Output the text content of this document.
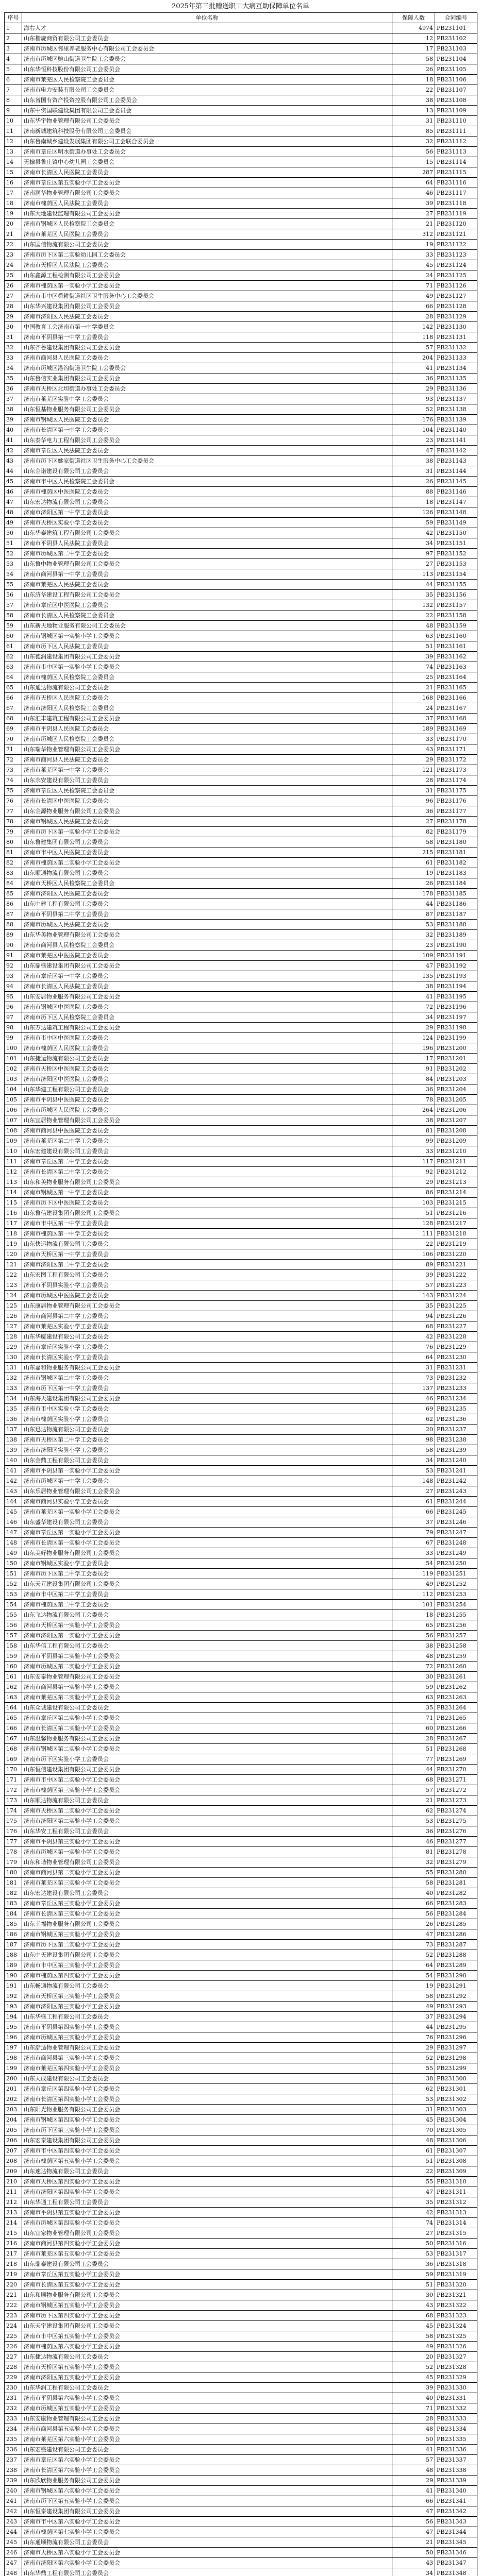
2025年第三批赠送职工大病互助保障单位名单
序号	单位名称	保障人数	合同编号
1	海右人才	4974	PB231101
2	山东楷旋商贸有限公司工会委员会	12	PB231102
3	济南市历城区邻里养老服务中心有限公司工会委员会	17	PB231103
4	济南市历城区鲍山街道卫生院工会委员会	58	PB231104
5	山东华恒科技股份有限公司工会委员会	26	PB231105
6	济南市莱芜区人民检察院工会委员会	18	PB231106
7	济南市电力安装有限公司工会委员会	22	PB231107
8	山东省国有资产投资控股有限公司工会委员会	38	PB231108
9	山东中资国联建设集团有限公司工会委员会	13	PB231109
10	山东华宇物业管理有限公司工会委员会	31	PB231110
11	济南新城建筑科技股份有限公司工会委员会	85	PB231111
12	山东鲁南城乡建设发展集团有限公司工会联合委员会	32	PB231112
13	济南市章丘区明水街道办事处工会委员会	56	PB231113
14	无棣县鲁庄镇中心幼儿园工会委员会	15	PB231114
15	济南市长清区人民医院工会委员会	287	PB231115
16	济南市章丘区第五实验小学工会委员会	64	PB231116
17	济南润华物业管理有限公司工会委员会	46	PB231117
18	济南市槐荫区人民法院工会委员会	39	PB231118
19	山东大地建设监理有限公司工会委员会	27	PB231119
20	济南市钢城区人民检察院工会委员会	21	PB231120
21	济南市莱芜区人民医院工会委员会	312	PB231121
22	山东国信物流有限公司工会委员会	19	PB231122
23	济南市历下区第二实验幼儿园工会委员会	33	PB231123
24	济南市天桥区人民法院工会委员会	45	PB231124
25	山东鑫源工程检测有限公司工会委员会	24	PB231125
26	济南市槐荫区第一实验小学工会委员会	71	PB231126
27	济南市市中区舜耕街道社区卫生服务中心工会委员会	49	PB231127
28	山东华兴建设集团有限公司工会委员会	66	PB231128
29	济南市济阳区人民法院工会委员会	28	PB231129
30	中国教育工会济南市第一中学委员会	142	PB231130
31	济南市平阴县第一中学工会委员会	118	PB231131
32	山东齐鲁建设集团有限公司工会委员会	57	PB231132
33	济南市商河县人民医院工会委员会	204	PB231133
34	济南市历城区港沟街道卫生院工会委员会	41	PB231134
35	山东鲁信实业集团有限公司工会委员会	36	PB231135
36	济南市天桥区北坦街道办事处工会委员会	29	PB231136
37	济南市莱芜区实验中学工会委员会	93	PB231137
38	山东恒基物业服务有限公司工会委员会	52	PB231138
39	济南市钢城区人民医院工会委员会	176	PB231139
40	济南市长清区第一中学工会委员会	104	PB231140
41	山东泰华电力工程有限公司工会委员会	23	PB231141
42	济南市章丘区人民法院工会委员会	47	PB231142
43	济南市历下区姚家街道社区卫生服务中心工会委员会	38	PB231143
44	山东金诺建设有限公司工会委员会	31	PB231144
45	济南市市中区人民检察院工会委员会	26	PB231145
46	济南市槐荫区中医医院工会委员会	88	PB231146
47	山东宏达物流有限公司工会委员会	18	PB231147
48	济南市济阳区第一中学工会委员会	126	PB231148
49	济南市天桥区实验小学工会委员会	59	PB231149
50	山东华泰建筑工程有限公司工会委员会	42	PB231150
51	济南市平阴县人民法院工会委员会	34	PB231151
52	济南市历城区第二中学工会委员会	97	PB231152
53	山东鲁中物业管理有限公司工会委员会	27	PB231153
54	济南市商河县第一中学工会委员会	113	PB231154
55	济南市莱芜区人民法院工会委员会	44	PB231155
56	山东济华建设工程有限公司工会委员会	35	PB231156
57	济南市章丘区中医医院工会委员会	132	PB231157
58	济南市长清区人民检察院工会委员会	22	PB231158
59	山东新天地物业服务有限公司工会委员会	48	PB231159
60	济南市钢城区第一实验小学工会委员会	63	PB231160
61	济南市历下区人民法院工会委员会	51	PB231161
62	山东德润建设集团有限公司工会委员会	39	PB231162
63	济南市市中区第一实验小学工会委员会	74	PB231163
64	济南市槐荫区人民检察院工会委员会	25	PB231164
65	山东通达物流有限公司工会委员会	21	PB231165
66	济南市天桥区人民医院工会委员会	168	PB231166
67	济南市济阳区人民检察院工会委员会	24	PB231167
68	山东汇丰建筑工程有限公司工会委员会	37	PB231168
69	济南市平阴县人民医院工会委员会	189	PB231169
70	济南市历城区人民检察院工会委员会	33	PB231170
71	山东瑞华物业管理有限公司工会委员会	43	PB231171
72	济南市商河县人民法院工会委员会	29	PB231172
73	济南市莱芜区第一中学工会委员会	121	PB231173
74	山东永安建设有限公司工会委员会	28	PB231174
75	济南市章丘区人民检察院工会委员会	31	PB231175
76	济南市长清区中医医院工会委员会	96	PB231176
77	山东金源物业服务有限公司工会委员会	36	PB231177
78	济南市钢城区人民法院工会委员会	27	PB231178
79	济南市历下区第一实验小学工会委员会	82	PB231179
80	山东鲁建集团有限公司工会委员会	58	PB231180
81	济南市市中区人民医院工会委员会	215	PB231181
82	济南市槐荫区第二实验小学工会委员会	61	PB231182
83	山东顺通物流有限公司工会委员会	19	PB231183
84	济南市天桥区人民检察院工会委员会	26	PB231184
85	济南市济阳区人民医院工会委员会	178	PB231185
86	山东中建工程有限公司工会委员会	44	PB231186
87	济南市平阴县第二中学工会委员会	87	PB231187
88	济南市历城区人民法院工会委员会	53	PB231188
89	山东华美物业管理有限公司工会委员会	32	PB231189
90	济南市商河县人民检察院工会委员会	23	PB231190
91	济南市莱芜区中医医院工会委员会	109	PB231191
92	山东鼎盛建设集团有限公司工会委员会	47	PB231192
93	济南市章丘区第一中学工会委员会	135	PB231193
94	济南市长清区人民法院工会委员会	38	PB231194
95	山东安居物业服务有限公司工会委员会	41	PB231195
96	济南市钢城区中医医院工会委员会	72	PB231196
97	济南市历下区人民检察院工会委员会	34	PB231197
98	山东万达建筑工程有限公司工会委员会	29	PB231198
99	济南市市中区中医医院工会委员会	124	PB231199
100	济南市槐荫区人民医院工会委员会	196	PB231200
101	山东捷运物流有限公司工会委员会	17	PB231201
102	济南市天桥区中医医院工会委员会	91	PB231202
103	济南市济阳区中医医院工会委员会	84	PB231203
104	山东华建工程有限公司工会委员会	36	PB231204
105	济南市平阴县中医医院工会委员会	78	PB231205
106	济南市历城区人民医院工会委员会	264	PB231206
107	山东宜居物业管理有限公司工会委员会	38	PB231207
108	济南市商河县中医医院工会委员会	81	PB231208
109	济南市莱芜区第二中学工会委员会	99	PB231209
110	山东宏建建设有限公司工会委员会	33	PB231210
111	济南市章丘区第二中学工会委员会	117	PB231211
112	济南市长清区第二中学工会委员会	92	PB231212
113	山东和美物业服务有限公司工会委员会	29	PB231213
114	济南市钢城区第一中学工会委员会	86	PB231214
115	济南市历下区中医医院工会委员会	103	PB231215
116	山东鲁信建设集团有限公司工会委员会	51	PB231216
117	济南市市中区第一中学工会委员会	128	PB231217
118	济南市槐荫区第一中学工会委员会	111	PB231218
119	山东快运物流有限公司工会委员会	22	PB231219
120	济南市天桥区第一中学工会委员会	106	PB231220
121	济南市济阳区第二中学工会委员会	89	PB231221
122	山东宏图工程有限公司工会委员会	39	PB231222
123	济南市平阴县实验小学工会委员会	57	PB231223
124	济南市历城区中医医院工会委员会	143	PB231224
125	山东康居物业管理有限公司工会委员会	35	PB231225
126	济南市商河县第二中学工会委员会	94	PB231226
127	济南市莱芜区实验小学工会委员会	68	PB231227
128	山东华厦建设有限公司工会委员会	42	PB231228
129	济南市章丘区实验小学工会委员会	76	PB231229
130	济南市长清区实验小学工会委员会	64	PB231230
131	山东嘉和物业服务有限公司工会委员会	31	PB231231
132	济南市钢城区第二中学工会委员会	73	PB231232
133	济南市历下区第一中学工会委员会	137	PB231233
134	山东海天建设集团有限公司工会委员会	46	PB231234
135	济南市市中区实验小学工会委员会	69	PB231235
136	济南市槐荫区实验小学工会委员会	62	PB231236
137	山东迅达物流有限公司工会委员会	20	PB231237
138	济南市天桥区第二中学工会委员会	98	PB231238
139	济南市济阳区实验小学工会委员会	58	PB231239
140	山东金鼎工程有限公司工会委员会	34	PB231240
141	济南市平阴县第一实验小学工会委员会	53	PB231241
142	济南市历城区第一中学工会委员会	148	PB231242
143	山东乐居物业管理有限公司工会委员会	27	PB231243
144	济南市商河县实验小学工会委员会	61	PB231244
145	济南市莱芜区第一实验小学工会委员会	66	PB231245
146	山东盛华建设有限公司工会委员会	37	PB231246
147	济南市章丘区第一实验小学工会委员会	79	PB231247
148	济南市长清区第一实验小学工会委员会	67	PB231248
149	山东美好物业服务有限公司工会委员会	33	PB231249
150	济南市钢城区实验小学工会委员会	54	PB231250
151	济南市历下区第二中学工会委员会	119	PB231251
152	山东天元建设集团有限公司工会委员会	49	PB231252
153	济南市市中区第二中学工会委员会	112	PB231253
154	济南市槐荫区第二中学工会委员会	101	PB231254
155	山东飞达物流有限公司工会委员会	18	PB231255
156	济南市天桥区第一实验小学工会委员会	65	PB231256
157	济南市济阳区第一实验小学工会委员会	56	PB231257
158	山东华信工程有限公司工会委员会	38	PB231258
159	济南市平阴县第二实验小学工会委员会	48	PB231259
160	济南市历城区第二实验小学工会委员会	72	PB231260
161	山东安泰物业管理有限公司工会委员会	30	PB231261
162	济南市商河县第一实验小学工会委员会	59	PB231262
163	济南市莱芜区第二实验小学工会委员会	63	PB231263
164	山东众诚建设有限公司工会委员会	35	PB231264
165	济南市章丘区第二实验小学工会委员会	71	PB231265
166	济南市长清区第二实验小学工会委员会	60	PB231266
167	山东温馨物业服务有限公司工会委员会	28	PB231267
168	济南市钢城区第二实验小学工会委员会	51	PB231268
169	济南市历下区实验小学工会委员会	77	PB231269
170	山东恒信建设集团有限公司工会委员会	44	PB231270
171	济南市市中区第二实验小学工会委员会	68	PB231271
172	济南市槐荫区第三实验小学工会委员会	57	PB231272
173	山东顺达物流有限公司工会委员会	21	PB231273
174	济南市天桥区第二实验小学工会委员会	62	PB231274
175	济南市济阳区第二实验小学工会委员会	53	PB231275
176	山东华安工程有限公司工会委员会	36	PB231276
177	济南市平阴县第三实验小学工会委员会	46	PB231277
178	济南市历城区第一实验小学工会委员会	81	PB231278
179	山东和谐物业管理有限公司工会委员会	32	PB231279
180	济南市商河县第二实验小学工会委员会	55	PB231280
181	济南市莱芜区第三实验小学工会委员会	58	PB231281
182	山东宏达建设有限公司工会委员会	40	PB231282
183	济南市章丘区第三实验小学工会委员会	66	PB231283
184	济南市长清区第三实验小学工会委员会	56	PB231284
185	山东幸福物业服务有限公司工会委员会	26	PB231285
186	济南市钢城区第三实验小学工会委员会	47	PB231286
187	济南市历下区第二实验小学工会委员会	73	PB231287
188	山东中天建设集团有限公司工会委员会	52	PB231288
189	济南市市中区第三实验小学工会委员会	64	PB231289
190	济南市槐荫区第四实验小学工会委员会	54	PB231290
191	山东畅通物流有限公司工会委员会	19	PB231291
192	济南市天桥区第三实验小学工会委员会	58	PB231292
193	济南市济阳区第三实验小学工会委员会	49	PB231293
194	山东华盛工程有限公司工会委员会	37	PB231294
195	济南市平阴县第四实验小学工会委员会	44	PB231295
196	济南市历城区第三实验小学工会委员会	76	PB231296
197	山东舒适物业管理有限公司工会委员会	29	PB231297
198	济南市商河县第三实验小学工会委员会	52	PB231298
199	济南市莱芜区第四实验小学工会委员会	55	PB231299
200	山东天成建设有限公司工会委员会	38	PB231300
201	济南市章丘区第四实验小学工会委员会	62	PB231301
202	济南市长清区第四实验小学工会委员会	53	PB231302
203	山东阳光物业服务有限公司工会委员会	31	PB231303
204	济南市钢城区第四实验小学工会委员会	45	PB231304
205	济南市历下区第三实验小学工会委员会	70	PB231305
206	山东宏泰建设集团有限公司工会委员会	48	PB231306
207	济南市市中区第四实验小学工会委员会	61	PB231307
208	济南市槐荫区第五实验小学工会委员会	51	PB231308
209	山东速达物流有限公司工会委员会	22	PB231309
210	济南市天桥区第四实验小学工会委员会	55	PB231310
211	济南市济阳区第四实验小学工会委员会	47	PB231311
212	山东华通工程有限公司工会委员会	35	PB231312
213	济南市平阴县第五实验小学工会委员会	42	PB231313
214	济南市历城区第四实验小学工会委员会	74	PB231314
215	山东宜家物业管理有限公司工会委员会	27	PB231315
216	济南市商河县第四实验小学工会委员会	50	PB231316
217	济南市莱芜区第五实验小学工会委员会	53	PB231317
218	山东鼎泰建设有限公司工会委员会	36	PB231318
219	济南市章丘区第五实验小学工会委员会	59	PB231319
220	济南市长清区第五实验小学工会委员会	51	PB231320
221	山东和顺物业服务有限公司工会委员会	30	PB231321
222	济南市钢城区第五实验小学工会委员会	43	PB231322
223	济南市历下区第四实验小学工会委员会	68	PB231323
224	山东天宇建设集团有限公司工会委员会	45	PB231324
225	济南市市中区第五实验小学工会委员会	58	PB231325
226	济南市槐荫区第六实验小学工会委员会	49	PB231326
227	山东捷达物流有限公司工会委员会	20	PB231327
228	济南市天桥区第五实验小学工会委员会	52	PB231328
229	济南市济阳区第五实验小学工会委员会	45	PB231329
230	山东华润工程有限公司工会委员会	39	PB231330
231	济南市平阴县第六实验小学工会委员会	40	PB231331
232	济南市历城区第五实验小学工会委员会	71	PB231332
233	山东安康物业管理有限公司工会委员会	28	PB231333
234	济南市商河县第五实验小学工会委员会	48	PB231334
235	济南市莱芜区第六实验小学工会委员会	50	PB231335
236	山东宏盛建设有限公司工会委员会	41	PB231336
237	济南市章丘区第六实验小学工会委员会	57	PB231337
238	济南市长清区第六实验小学工会委员会	48	PB231338
239	山东欣欣物业服务有限公司工会委员会	29	PB231339
240	济南市钢城区第六实验小学工会委员会	41	PB231340
241	济南市历下区第五实验小学工会委员会	66	PB231341
242	山东恒泰建设集团有限公司工会委员会	47	PB231342
243	济南市市中区第六实验小学工会委员会	56	PB231343
244	济南市槐荫区第七实验小学工会委员会	47	PB231344
245	山东通顺物流有限公司工会委员会	21	PB231345
246	济南市天桥区第六实验小学工会委员会	50	PB231346
247	济南市济阳区第六实验小学工会委员会	43	PB231347
248	山东华鼎工程有限公司工会委员会	34	PB231348
